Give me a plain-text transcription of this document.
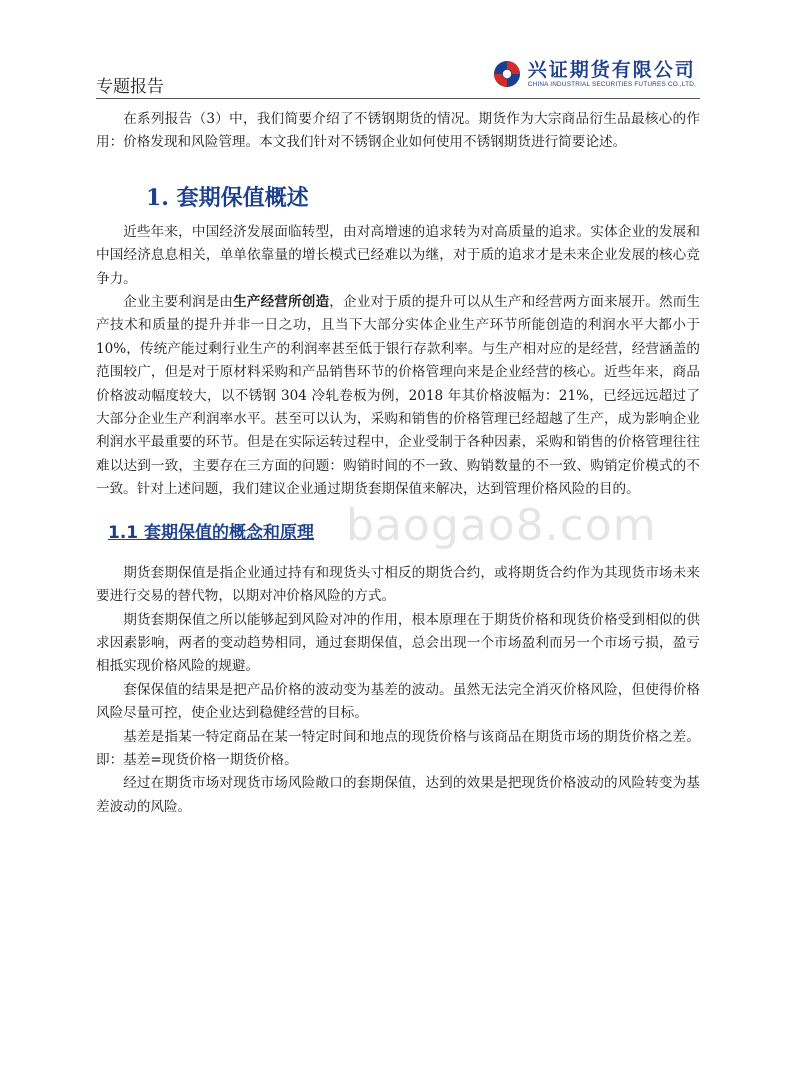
专题报告
兴证期货有限公司
CHINA INDUSTRIAL SECURITIES FUTURES CO.,LTD.

在系列报告（3）中，我们简要介绍了不锈钢期货的情况。期货作为大宗商品衍生品最核心的作用：价格发现和风险管理。本文我们针对不锈钢企业如何使用不锈钢期货进行简要论述。

1. 套期保值概述

近些年来，中国经济发展面临转型，由对高增速的追求转为对高质量的追求。实体企业的发展和中国经济息息相关，单单依靠量的增长模式已经难以为继，对于质的追求才是未来企业发展的核心竞争力。

企业主要利润是由生产经营所创造，企业对于质的提升可以从生产和经营两方面来展开。然而生产技术和质量的提升并非一日之功，且当下大部分实体企业生产环节所能创造的利润水平大都小于 10%，传统产能过剩行业生产的利润率甚至低于银行存款利率。与生产相对应的是经营，经营涵盖的范围较广，但是对于原材料采购和产品销售环节的价格管理向来是企业经营的核心。近些年来，商品价格波动幅度较大，以不锈钢 304 冷轧卷板为例，2018 年其价格波幅为：21%，已经远远超过了大部分企业生产利润率水平。甚至可以认为，采购和销售的价格管理已经超越了生产，成为影响企业利润水平最重要的环节。但是在实际运转过程中，企业受制于各种因素，采购和销售的价格管理往往难以达到一致，主要存在三方面的问题：购销时间的不一致、购销数量的不一致、购销定价模式的不一致。针对上述问题，我们建议企业通过期货套期保值来解决，达到管理价格风险的目的。

1.1 套期保值的概念和原理

期货套期保值是指企业通过持有和现货头寸相反的期货合约，或将期货合约作为其现货市场未来要进行交易的替代物，以期对冲价格风险的方式。

期货套期保值之所以能够起到风险对冲的作用，根本原理在于期货价格和现货价格受到相似的供求因素影响，两者的变动趋势相同，通过套期保值，总会出现一个市场盈利而另一个市场亏损，盈亏相抵实现价格风险的规避。

套保保值的结果是把产品价格的波动变为基差的波动。虽然无法完全消灭价格风险，但使得价格风险尽量可控，使企业达到稳健经营的目标。

基差是指某一特定商品在某一特定时间和地点的现货价格与该商品在期货市场的期货价格之差。即：基差=现货价格一期货价格。

经过在期货市场对现货市场风险敞口的套期保值，达到的效果是把现货价格波动的风险转变为基差波动的风险。

baogao8.com
